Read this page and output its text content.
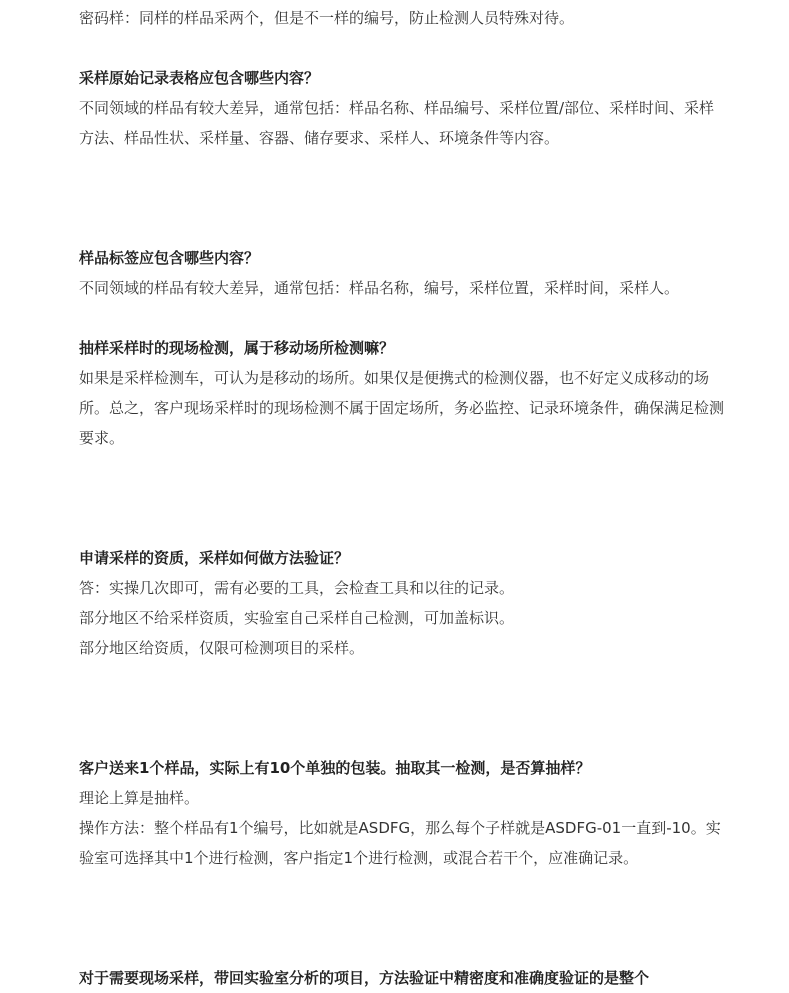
密码样：同样的样品采两个，但是不一样的编号，防止检测人员特殊对待。

采样原始记录表格应包含哪些内容？

不同领域的样品有较大差异，通常包括：样品名称、样品编号、采样位置/部位、采样时间、采样方法、样品性状、采样量、容器、储存要求、采样人、环境条件等内容。

样品标签应包含哪些内容？

不同领域的样品有较大差异，通常包括：样品名称，编号，采样位置，采样时间，采样人。

抽样采样时的现场检测，属于移动场所检测嘛？

如果是采样检测车，可认为是移动的场所。如果仅是便携式的检测仪器，也不好定义成移动的场所。总之，客户现场采样时的现场检测不属于固定场所，务必监控、记录环境条件，确保满足检测要求。

申请采样的资质，采样如何做方法验证？

答：实操几次即可，需有必要的工具，会检查工具和以往的记录。

部分地区不给采样资质，实验室自己采样自己检测，可加盖标识。

部分地区给资质，仅限可检测项目的采样。

客户送来1个样品，实际上有10个单独的包装。抽取其一检测，是否算抽样？

理论上算是抽样。

操作方法：整个样品有1个编号，比如就是ASDFG，那么每个子样就是ASDFG-01一直到-10。实验室可选择其中1个进行检测，客户指定1个进行检测，或混合若干个，应准确记录。

对于需要现场采样，带回实验室分析的项目，方法验证中精密度和准确度验证的是整个
